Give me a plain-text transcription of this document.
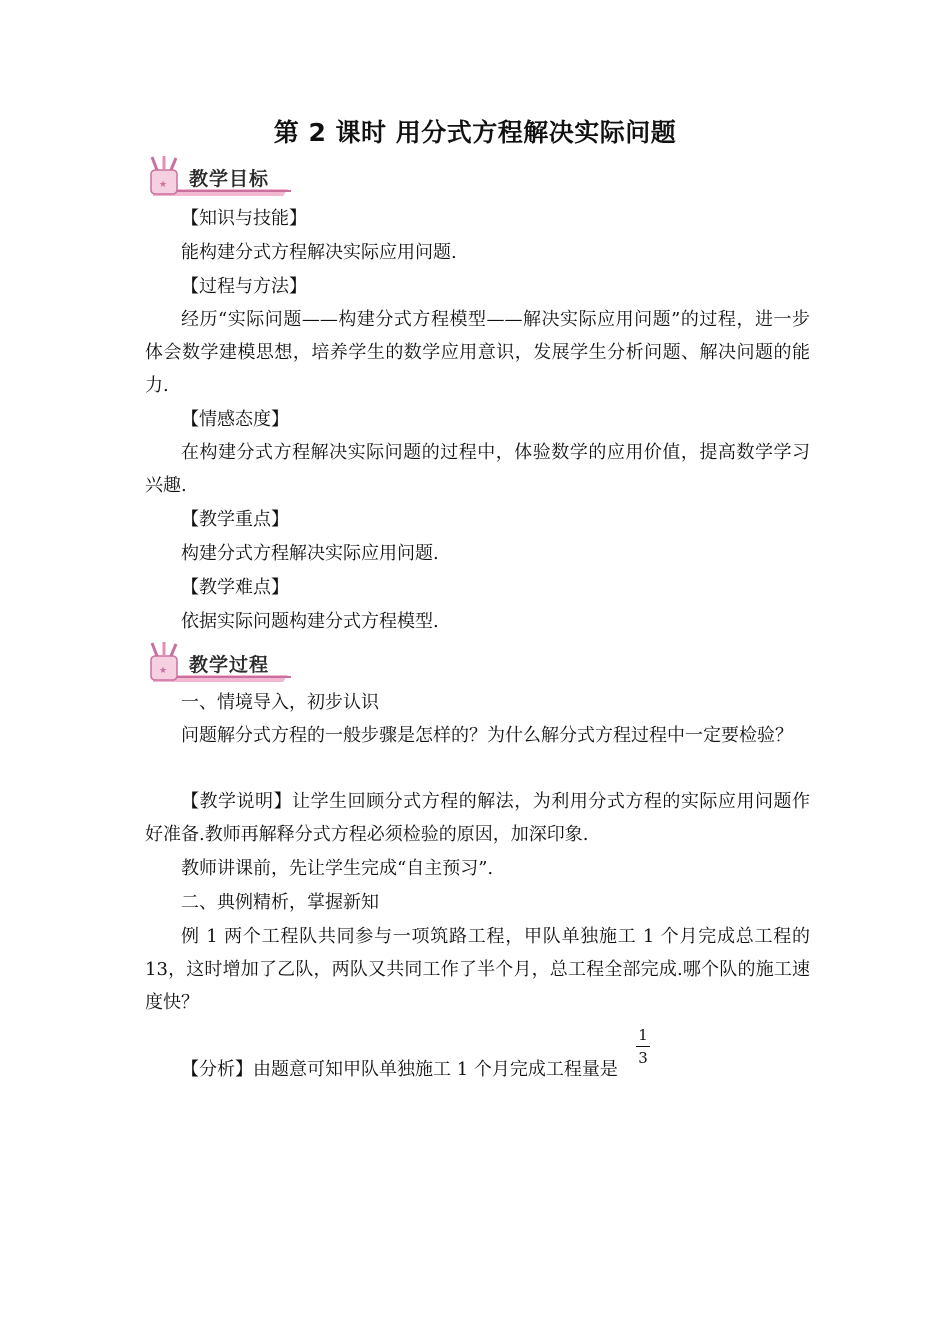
第 2 课时 用分式方程解决实际问题
★ 教学目标

【知识与技能】

能构建分式方程解决实际应用问题.

【过程与方法】

经历“实际问题——构建分式方程模型——解决实际应用问题”的过程，进一步体会数学建模思想，培养学生的数学应用意识，发展学生分析问题、解决问题的能力.

【情感态度】

在构建分式方程解决实际问题的过程中，体验数学的应用价值，提高数学学习兴趣.

【教学重点】

构建分式方程解决实际应用问题.

【教学难点】

依据实际问题构建分式方程模型.

★ 教学过程

一、情境导入，初步认识

问题解分式方程的一般步骤是怎样的？为什么解分式方程过程中一定要检验？

【教学说明】让学生回顾分式方程的解法，为利用分式方程的实际应用问题作好准备.教师再解释分式方程必须检验的原因，加深印象.

教师讲课前，先让学生完成“自主预习”.

二、典例精析，掌握新知

例 1 两个工程队共同参与一项筑路工程，甲队单独施工 1 个月完成总工程的 13，这时增加了乙队，两队又共同工作了半个月，总工程全部完成.哪个队的施工速度快？

【分析】由题意可知甲队单独施工 1 个月完成工程量是

1
3
